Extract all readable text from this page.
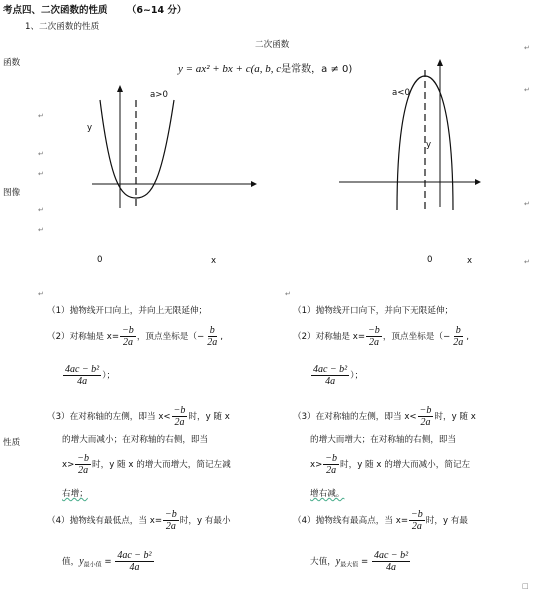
考点四、二次函数的性质 （6~14 分）
1、二次函数的性质
二次函数
函数
图像
性质
y = ax² + bx + c(a, b, c是常数，a ≠ 0)
a>0
y
0	x
a<0
y
0	x
（1）抛物线开口向上，并向上无限延伸；
（2）对称轴是 $x= \frac{-b}{2a}$ ，顶点坐标是（− $\frac{b}{2a}$ ,
$\frac{\text{4ac − b²}}{4a}$ ）；
（3）在对称轴的左侧，即当 $x< \frac{-b}{2a}$ 时，y 随 x
的增大而减小；在对称轴的右侧，即当
$x> \frac{-b}{2a}$ 时，y 随 x 的增大而增大，简记左减
右增；
（4）抛物线有最低点，当 $x= \frac{-b}{2a}$ 时，y 有最小
值，$y_{最小值} = \frac{\text{4ac − b²}}{4a}$
（1）抛物线开口向下，并向下无限延伸；
（2）对称轴是 $x= \frac{-b}{2a}$ ，顶点坐标是（− $\frac{b}{2a}$ ,
$\frac{\text{4ac − b²}}{4a}$ ）；
（3）在对称轴的左侧，即当 $x< \frac{-b}{2a}$ 时，y 随 x
的增大而增大；在对称轴的右侧，即当
$x> \frac{-b}{2a}$ 时，y 随 x 的增大而减小，简记左
增右减。
（4）抛物线有最高点，当 $x= \frac{-b}{2a}$ 时，y 有最
大值，$y_{最大值} = \frac{\text{4ac − b²}}{4a}$
↵
↵
↵
↵
↵
↵
↵
↵	↵
↵
↵
□
